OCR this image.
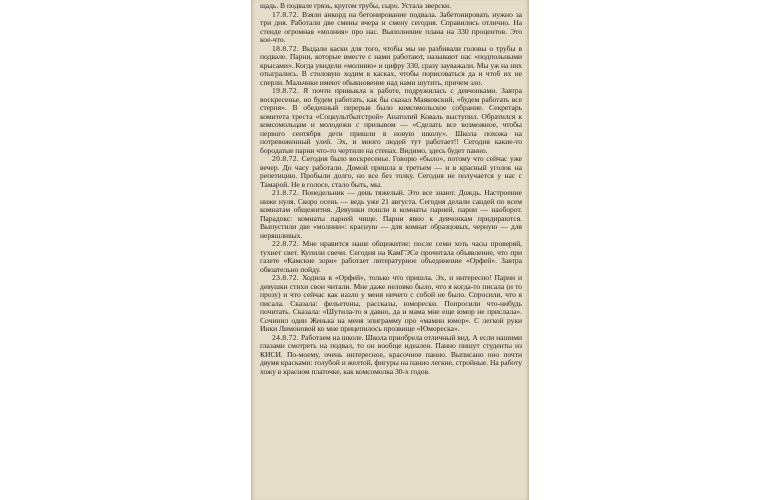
щадь. В подвале грязь, кругом трубы, сыро. Устала зверски.

17.8.72. Взяли анкорд на бетонирование подвала. Забетонировать нужно за три дня. Работали две смены вчера и смену сегодня. Справились отлично. На стенде огромная «молния» про нас. Выполнение плана на 330 процентов. Это кое-что.

18.8.72. Выдали каски для того, чтобы мы не разбивали головы о трубы в подвале. Парни, которые вместе с нами работают, называют нас «подпольными крысами». Когда увидели «молнию» и цифру 330, сразу зауважали. Мы уж на них отыгрались. В столовую ходим в касках, чтобы порисоваться да и чтоб их не сперли. Мальчики имеют обыкновение над нами шутить, причем зло.

19.8.72. Я почти привыкла к работе, подружилась с девчонками. Завтра воскресенье, но будем работать, как бы сказал Маяковский, «будем работать все стерпя». В обеденный перерыв было комсомольское собрание. Секретарь комитета треста «Соцкультбытстрой» Анатолий Коваль выступил. Обратился к комсомольцам и молодежи с призывом — «Сделать все возможное, чтобы первого сентября дети пришли в новую школу». Школа похожа на потревоженный улей. Эх, и много людей тут работает!! Сегодня какие-то бородатые парни что-то чертили на стенах. Видимо, здесь будет панно.

20.8.72. Сегодня было воскресенье. Говорю «было», потому что сейчас уже вечер. До часу работали. Домой пришла в третьем — и в красный уголок на репетицию. Пробыли долго, но все без толку. Сегодня не получается у нас с Тамарой. Не в голосе, стало быть, мы.

21.8.72. Понедельник — день тяжелый. Это все знают. Дождь. Настроение ниже нуля. Скоро осень — ведь уже 21 августа. Сегодня делали сандей по всем комнатам общежития. Девушки пошли в комнаты парней, парни — наоборот. Парадокс: комнаты парней чище. Парни явно к девчонкам придираются. Выпустили две «молнии»: красную — для комнат образцовых, черную — для неряшливых.

22.8.72. Мне нравится наше общежитие: после семи хоть часы проверяй, тухнет свет. Купили свечи. Сегодня на КамГЭСе прочитала объявление, что при газете «Камские зори» работает литературное объединение «Орфей». Завтра обязательно пойду.

23.8.72. Ходила в «Орфей», только что пришла. Эх, и интересно! Парни и девушки стихи свои читали. Мне даже неловко было, что я когда-то писала (и то прозу) и что сейчас как назло у меня ничего с собой не было. Спросили, что я писала. Сказала: фельетоны, рассказы, юморески. Попросили что-нибудь почитать. Сказала: «Шутила-то я давно, да и мама мне еще юмор не прислала». Сочинил один Женька на меня эпиграмму про «мамин юмор». С легкой руки Инки Лимоновой ко мне прицепилось прозвище «Юмореска».

24.8.72. Работаем на школе. Школа приобрела отличный вид. А если нашими глазами смотреть на подвал, то он вообще идеален. Панно пишут студенты из КИСИ. По-моему, очень интересное, красочное панно. Выписано оно почти двумя красками: голубой и желтой, фигуры на панно легкие, стройные. На работу хожу в красном платочке, как комсомолка 30-х годов.
